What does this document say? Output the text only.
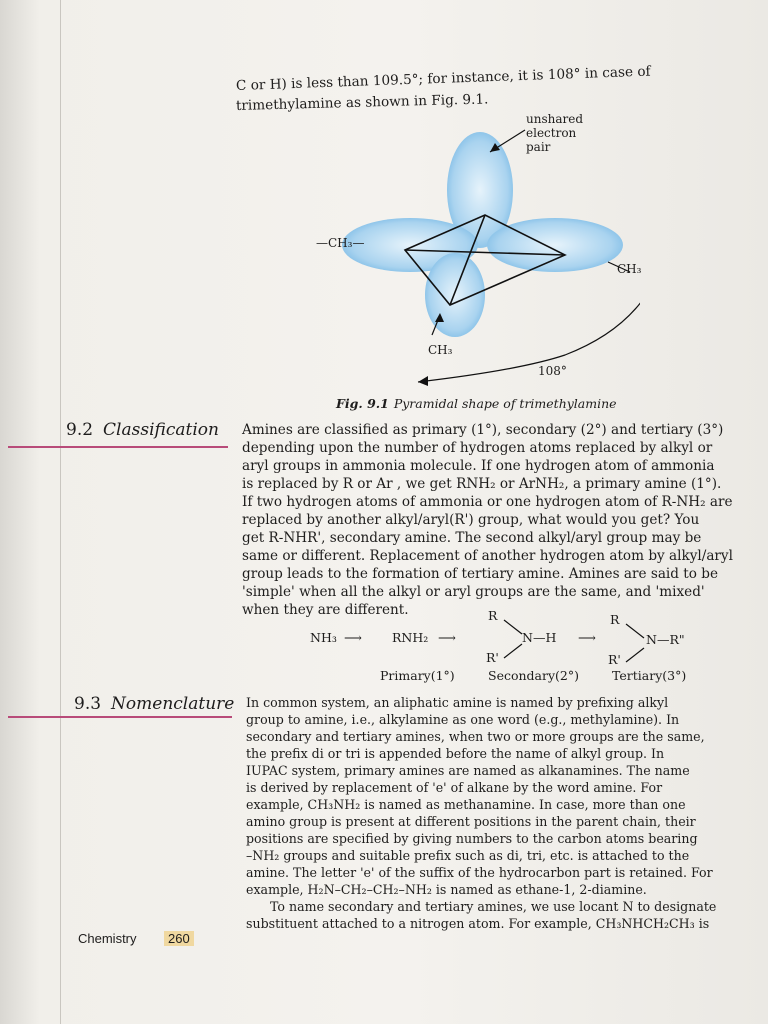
C or H) is less than 109.5°; for instance, it is 108° in case of
trimethylamine as shown in Fig. 9.1.
unshared
electron
pair
—CH₃—
CH₃
CH₃
108°
Fig. 9.1 Pyramidal shape of trimethylamine
9.2 Classification Amines are classified as primary (1°), secondary (2°) and tertiary (3°)
depending upon the number of hydrogen atoms replaced by alkyl or
aryl groups in ammonia molecule. If one hydrogen atom of ammonia
is replaced by R or Ar , we get RNH₂ or ArNH₂, a primary amine (1°).
If two hydrogen atoms of ammonia or one hydrogen atom of R-NH₂ are
replaced by another alkyl/aryl(R') group, what would you get? You
get R-NHR', secondary amine. The second alkyl/aryl group may be
same or different. Replacement of another hydrogen atom by alkyl/aryl
group leads to the formation of tertiary amine. Amines are said to be
'simple' when all the alkyl or aryl groups are the same, and 'mixed'
when they are different.
NH₃ ⟶ RNH₂ ⟶
R
N—H
R'
⟶
R
N—R"
R'
Primary(1°)	Secondary(2°)	Tertiary(3°)
9.3 Nomenclature In common system, an aliphatic amine is named by prefixing alkyl
group to amine, i.e., alkylamine as one word (e.g., methylamine). In
secondary and tertiary amines, when two or more groups are the same,
the prefix di or tri is appended before the name of alkyl group. In
IUPAC system, primary amines are named as alkanamines. The name
is derived by replacement of 'e' of alkane by the word amine. For
example, CH₃NH₂ is named as methanamine. In case, more than one
amino group is present at different positions in the parent chain, their
positions are specified by giving numbers to the carbon atoms bearing
–NH₂ groups and suitable prefix such as di, tri, etc. is attached to the
amine. The letter 'e' of the suffix of the hydrocarbon part is retained. For
example, H₂N–CH₂–CH₂–NH₂ is named as ethane-1, 2-diamine.
To name secondary and tertiary amines, we use locant N to designate
substituent attached to a nitrogen atom. For example, CH₃NHCH₂CH₃ is
Chemistry	260
